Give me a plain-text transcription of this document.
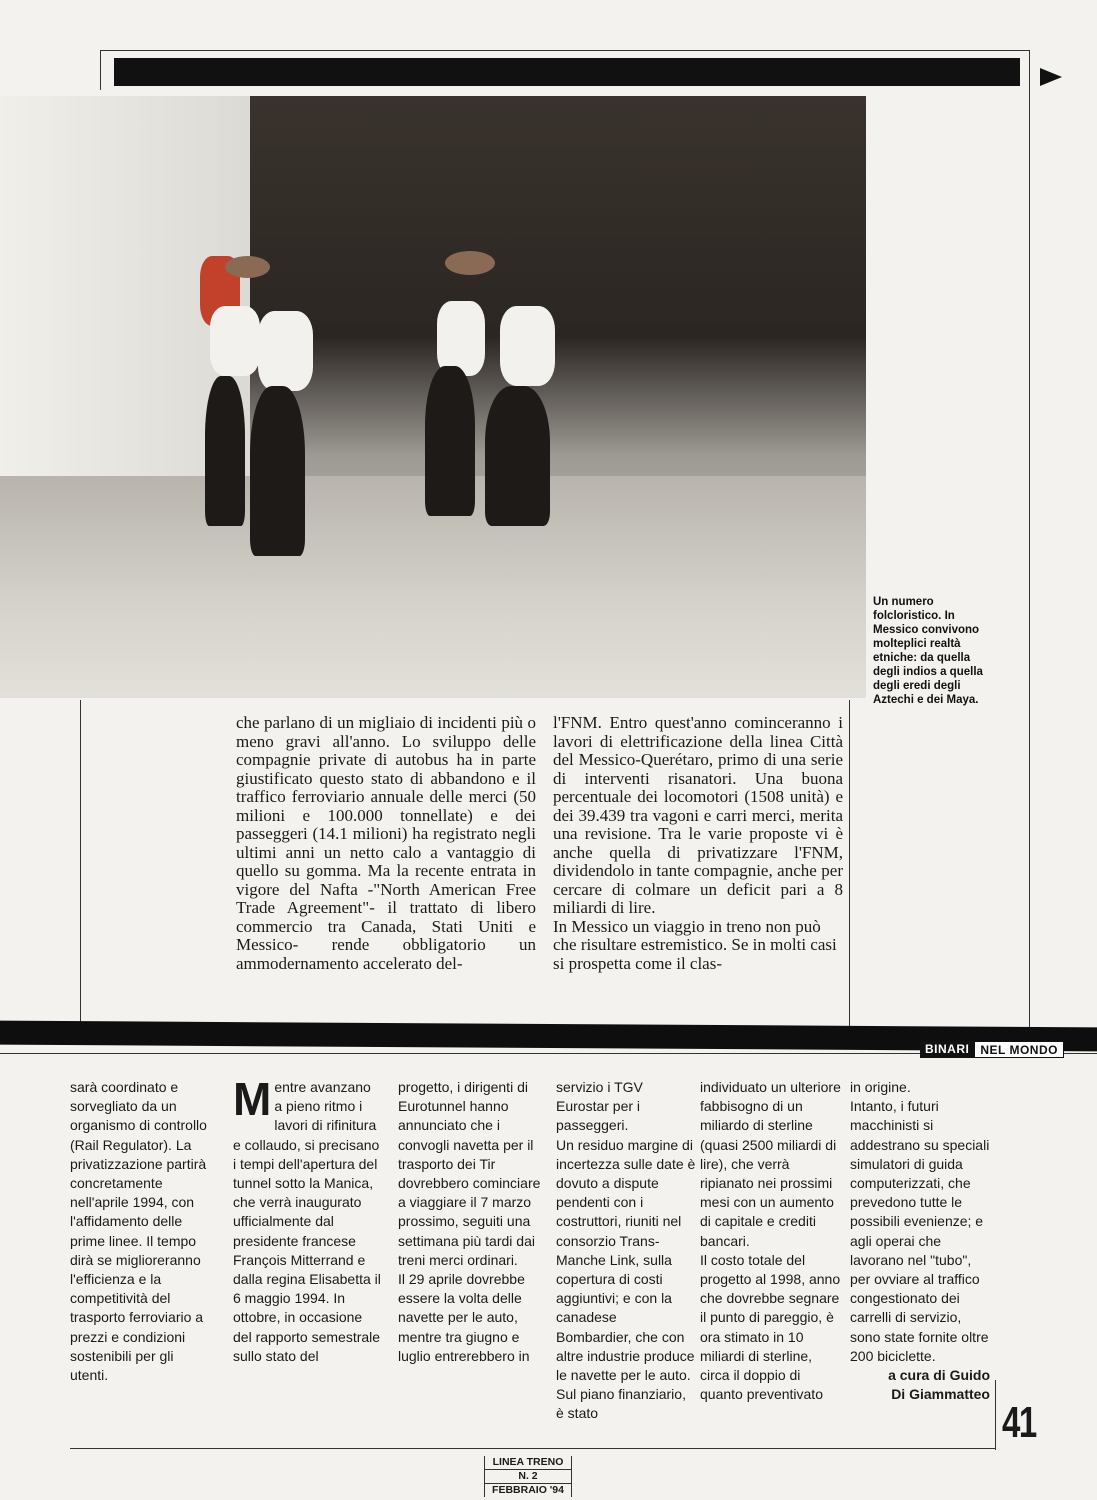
Un numero folcloristico. In Messico convivono molteplici realtà etniche: da quella degli indios a quella degli eredi degli Aztechi e dei Maya.

che parlano di un migliaio di incidenti più o meno gravi all'anno. Lo sviluppo delle compagnie private di autobus ha in parte giustificato questo stato di abbandono e il traffico ferroviario annuale delle merci (50 milioni e 100.000 tonnellate) e dei passeggeri (14.1 milioni) ha registrato negli ultimi anni un netto calo a vantaggio di quello su gomma. Ma la recente entrata in vigore del Nafta -"North American Free Trade Agreement"- il trattato di libero commercio tra Canada, Stati Uniti e Messico- rende obbligatorio un ammodernamento accelerato del-

l'FNM. Entro quest'anno cominceranno i lavori di elettrificazione della linea Città del Messico-Querétaro, primo di una serie di interventi risanatori. Una buona percentuale dei locomotori (1508 unità) e dei 39.439 tra vagoni e carri merci, merita una revisione. Tra le varie proposte vi è anche quella di privatizzare l'FNM, dividendolo in tante compagnie, anche per cercare di colmare un deficit pari a 8 miliardi di lire.

In Messico un viaggio in treno non può che risultare estremistico. Se in molti casi si prospetta come il clas-

BINARI NEL MONDO

sarà coordinato e sorvegliato da un organismo di controllo (Rail Regulator). La privatizzazione partirà concretamente nell'aprile 1994, con l'affidamento delle prime linee. Il tempo dirà se miglioreranno l'efficienza e la competitività del trasporto ferroviario a prezzi e condizioni sostenibili per gli utenti.

M entre avanzano a pieno ritmo i lavori di rifinitura e collaudo, si precisano i tempi dell'apertura del tunnel sotto la Manica, che verrà inaugurato ufficialmente dal presidente francese François Mitterrand e dalla regina Elisabetta il 6 maggio 1994. In ottobre, in occasione del rapporto semestrale sullo stato del

progetto, i dirigenti di Eurotunnel hanno annunciato che i convogli navetta per il trasporto dei Tir dovrebbero cominciare a viaggiare il 7 marzo prossimo, seguiti una settimana più tardi dai treni merci ordinari.

Il 29 aprile dovrebbe essere la volta delle navette per le auto, mentre tra giugno e luglio entrerebbero in

servizio i TGV Eurostar per i passeggeri.

Un residuo margine di incertezza sulle date è dovuto a dispute pendenti con i costruttori, riuniti nel consorzio Trans-Manche Link, sulla copertura di costi aggiuntivi; e con la canadese Bombardier, che con altre industrie produce le navette per le auto.

Sul piano finanziario, è stato

individuato un ulteriore fabbisogno di un miliardo di sterline (quasi 2500 miliardi di lire), che verrà ripianato nei prossimi mesi con un aumento di capitale e crediti bancari.

Il costo totale del progetto al 1998, anno che dovrebbe segnare il punto di pareggio, è ora stimato in 10 miliardi di sterline, circa il doppio di quanto preventivato

in origine.

Intanto, i futuri macchinisti si addestrano su speciali simulatori di guida computerizzati, che prevedono tutte le possibili evenienze; e agli operai che lavorano nel "tubo", per ovviare al traffico congestionato dei carrelli di servizio, sono state fornite oltre 200 biciclette.

a cura di Guido

Di Giammatteo

41
LINEA TRENO
N. 2
FEBBRAIO '94
